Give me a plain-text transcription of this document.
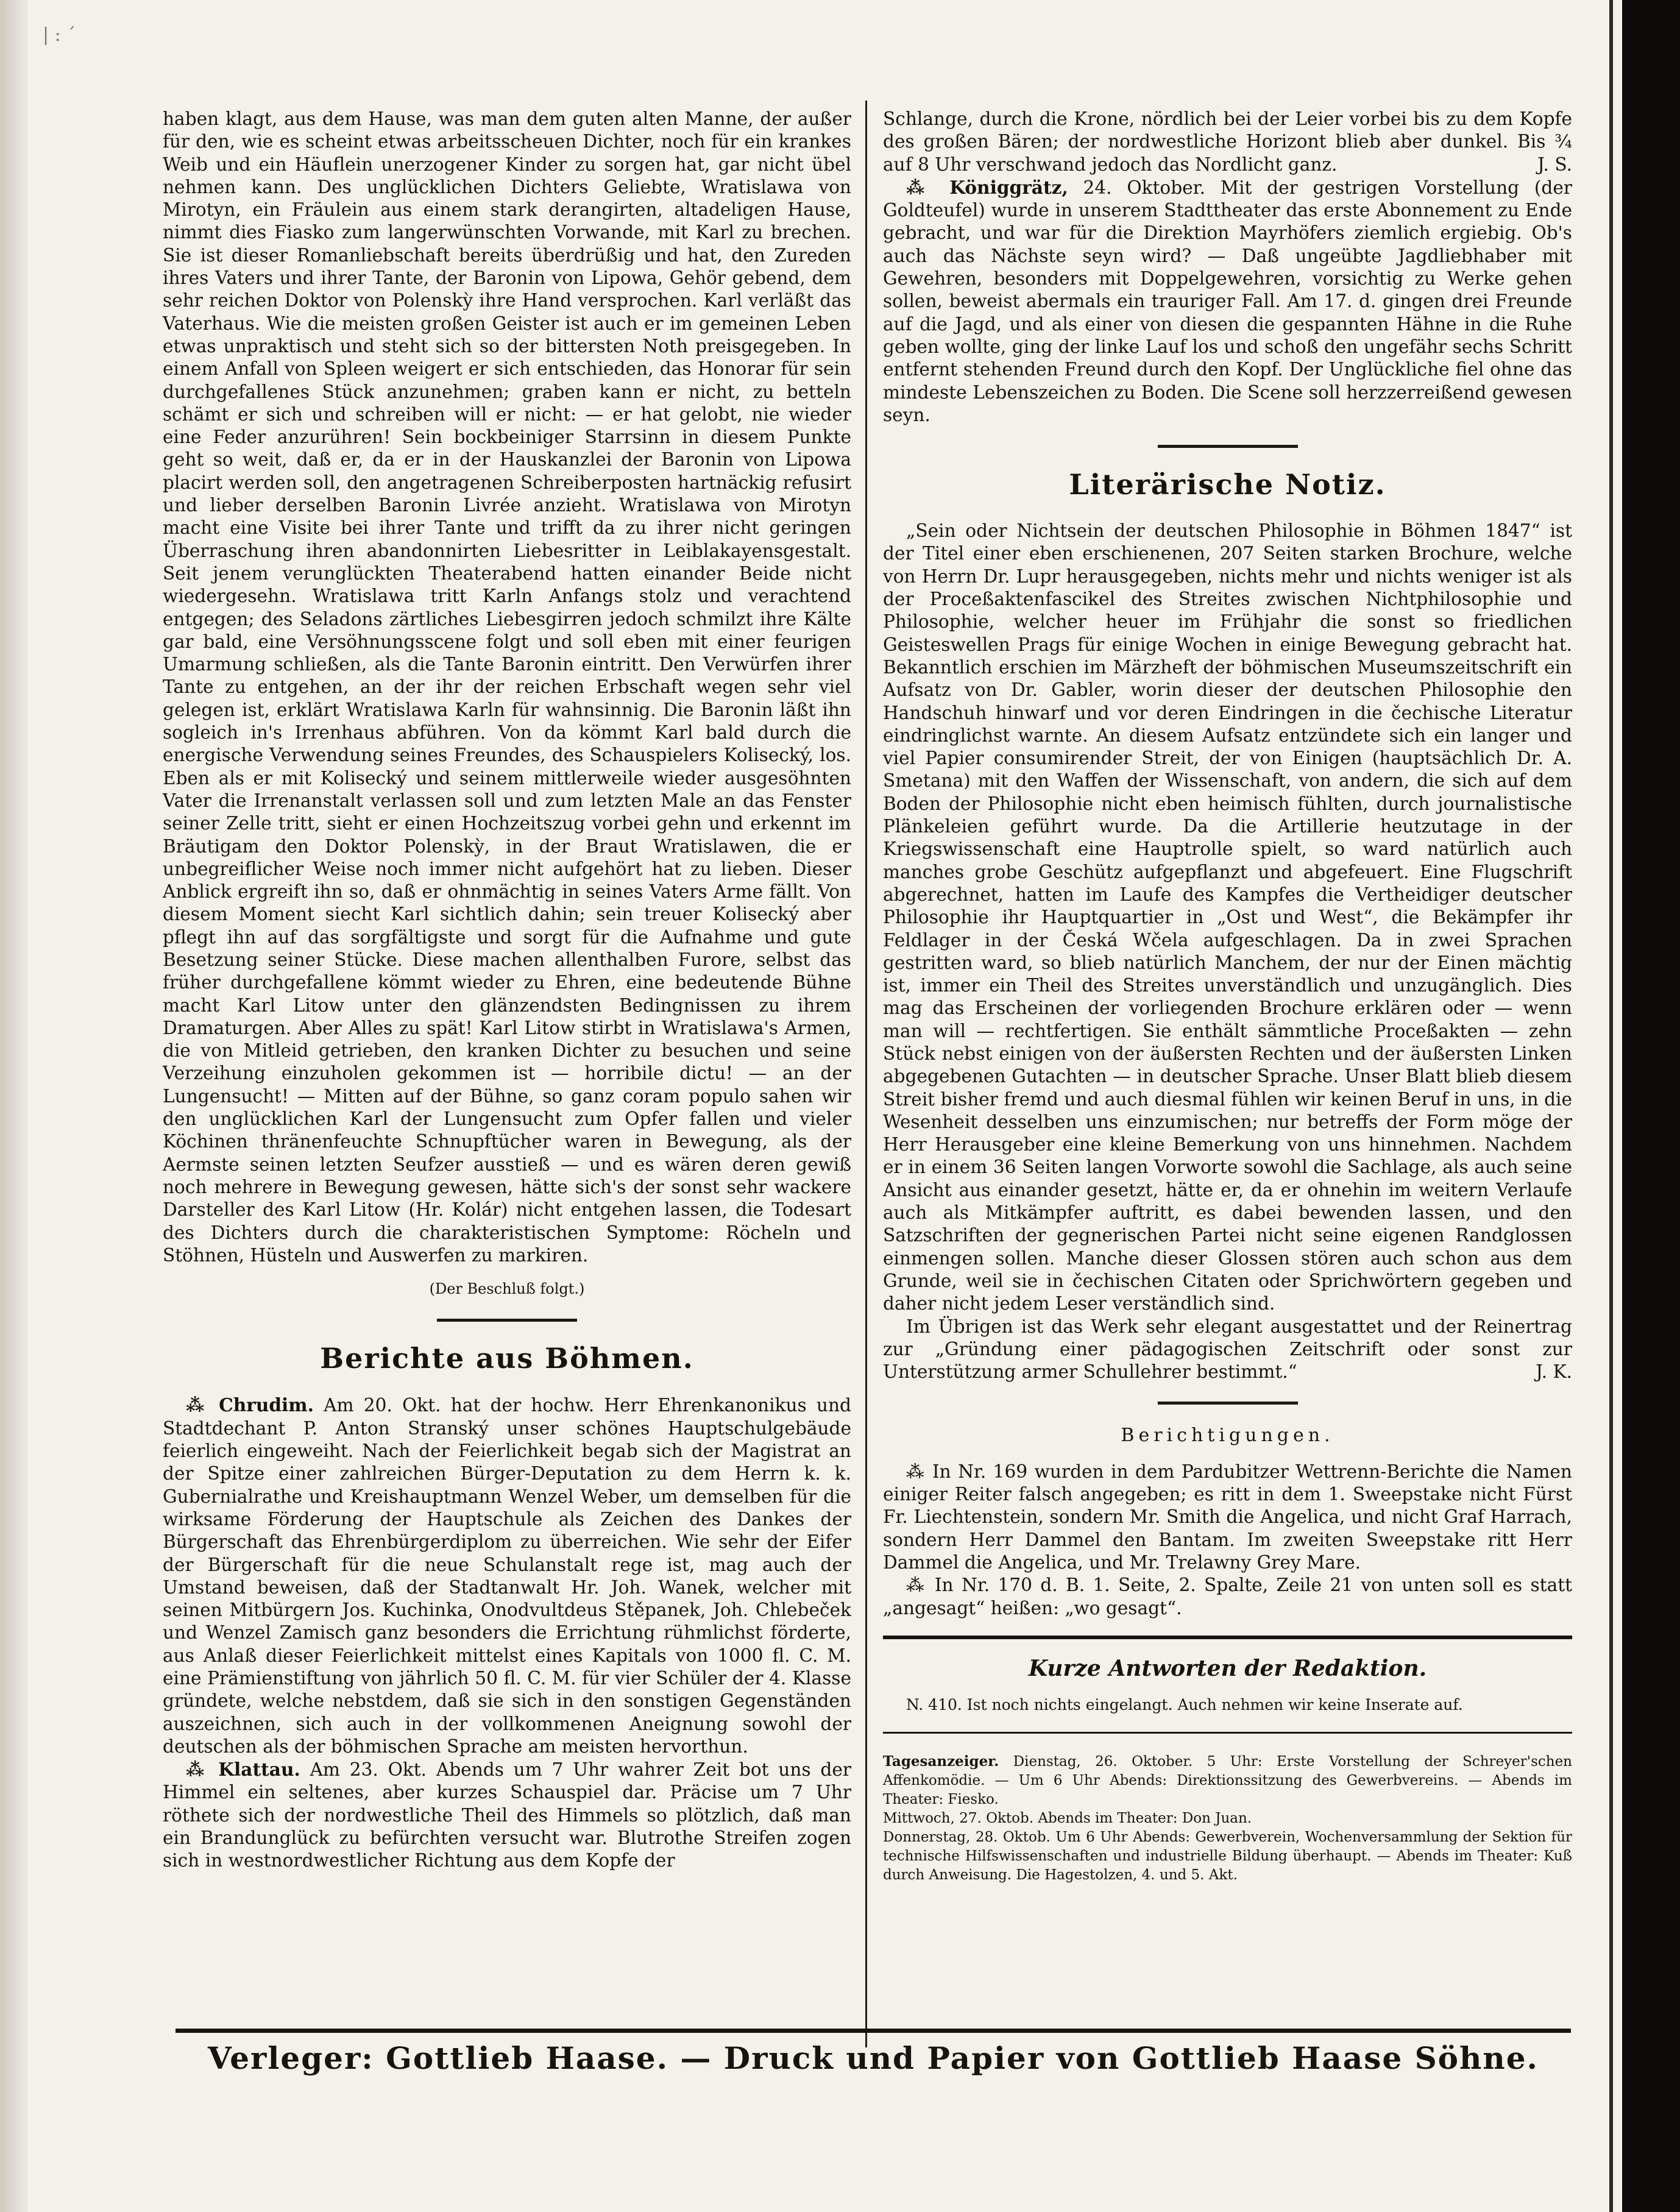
| : ´

haben klagt, aus dem Hause, was man dem guten alten Manne, der außer für den, wie es scheint etwas arbeitsscheuen Dichter, noch für ein krankes Weib und ein Häuflein unerzogener Kinder zu sorgen hat, gar nicht übel nehmen kann. Des unglücklichen Dichters Geliebte, Wratislawa von Mirotyn, ein Fräulein aus einem stark derangirten, altadeligen Hause, nimmt dies Fiasko zum langerwünschten Vorwande, mit Karl zu brechen. Sie ist dieser Romanliebschaft bereits überdrüßig und hat, den Zureden ihres Vaters und ihrer Tante, der Baronin von Lipowa, Gehör gebend, dem sehr reichen Doktor von Polenskỳ ihre Hand versprochen. Karl verläßt das Vaterhaus. Wie die meisten großen Geister ist auch er im gemeinen Leben etwas unpraktisch und steht sich so der bittersten Noth preisgegeben. In einem Anfall von Spleen weigert er sich entschieden, das Honorar für sein durchgefallenes Stück anzunehmen; graben kann er nicht, zu betteln schämt er sich und schreiben will er nicht: — er hat gelobt, nie wieder eine Feder anzurühren! Sein bockbeiniger Starrsinn in diesem Punkte geht so weit, daß er, da er in der Hauskanzlei der Baronin von Lipowa placirt werden soll, den angetragenen Schreiberposten hartnäckig refusirt und lieber derselben Baronin Livrée anzieht. Wratislawa von Mirotyn macht eine Visite bei ihrer Tante und trifft da zu ihrer nicht geringen Überraschung ihren abandonnirten Liebesritter in Leiblakayensgestalt. Seit jenem verunglückten Theaterabend hatten einander Beide nicht wiedergesehn. Wratislawa tritt Karln Anfangs stolz und verachtend entgegen; des Seladons zärtliches Liebesgirren jedoch schmilzt ihre Kälte gar bald, eine Versöhnungsscene folgt und soll eben mit einer feurigen Umarmung schließen, als die Tante Baronin eintritt. Den Verwürfen ihrer Tante zu entgehen, an der ihr der reichen Erbschaft wegen sehr viel gelegen ist, erklärt Wratislawa Karln für wahnsinnig. Die Baronin läßt ihn sogleich in's Irrenhaus abführen. Von da kömmt Karl bald durch die energische Verwendung seines Freundes, des Schauspielers Kolisecký, los. Eben als er mit Kolisecký und seinem mittlerweile wieder ausgesöhnten Vater die Irrenanstalt verlassen soll und zum letzten Male an das Fenster seiner Zelle tritt, sieht er einen Hochzeitszug vorbei gehn und erkennt im Bräutigam den Doktor Polenskỳ, in der Braut Wratislawen, die er unbegreiflicher Weise noch immer nicht aufgehört hat zu lieben. Dieser Anblick ergreift ihn so, daß er ohnmächtig in seines Vaters Arme fällt. Von diesem Moment siecht Karl sichtlich dahin; sein treuer Kolisecký aber pflegt ihn auf das sorgfältigste und sorgt für die Aufnahme und gute Besetzung seiner Stücke. Diese machen allenthalben Furore, selbst das früher durchgefallene kömmt wieder zu Ehren, eine bedeutende Bühne macht Karl Litow unter den glänzendsten Bedingnissen zu ihrem Dramaturgen. Aber Alles zu spät! Karl Litow stirbt in Wratislawa's Armen, die von Mitleid getrieben, den kranken Dichter zu besuchen und seine Verzeihung einzuholen gekommen ist — horribile dictu! — an der Lungensucht! — Mitten auf der Bühne, so ganz coram populo sahen wir den unglücklichen Karl der Lungensucht zum Opfer fallen und vieler Köchinen thränenfeuchte Schnupftücher waren in Bewegung, als der Aermste seinen letzten Seufzer ausstieß — und es wären deren gewiß noch mehrere in Bewegung gewesen, hätte sich's der sonst sehr wackere Darsteller des Karl Litow (Hr. Kolár) nicht entgehen lassen, die Todesart des Dichters durch die charakteristischen Symptome: Röcheln und Stöhnen, Hüsteln und Auswerfen zu markiren.

(Der Beschluß folgt.)
Berichte aus Böhmen.

⁂ Chrudim. Am 20. Okt. hat der hochw. Herr Ehrenkanonikus und Stadtdechant P. Anton Stranský unser schönes Hauptschulgebäude feierlich eingeweiht. Nach der Feierlichkeit begab sich der Magistrat an der Spitze einer zahlreichen Bürger-Deputation zu dem Herrn k. k. Gubernialrathe und Kreishauptmann Wenzel Weber, um demselben für die wirksame Förderung der Hauptschule als Zeichen des Dankes der Bürgerschaft das Ehrenbürgerdiplom zu überreichen. Wie sehr der Eifer der Bürgerschaft für die neue Schulanstalt rege ist, mag auch der Umstand beweisen, daß der Stadtanwalt Hr. Joh. Wanek, welcher mit seinen Mitbürgern Jos. Kuchinka, Onodvultdeus Stěpanek, Joh. Chlebeček und Wenzel Zamisch ganz besonders die Errichtung rühmlichst förderte, aus Anlaß dieser Feierlichkeit mittelst eines Kapitals von 1000 fl. C. M. eine Prämienstiftung von jährlich 50 fl. C. M. für vier Schüler der 4. Klasse gründete, welche nebstdem, daß sie sich in den sonstigen Gegenständen auszeichnen, sich auch in der vollkommenen Aneignung sowohl der deutschen als der böhmischen Sprache am meisten hervorthun.

⁂ Klattau. Am 23. Okt. Abends um 7 Uhr wahrer Zeit bot uns der Himmel ein seltenes, aber kurzes Schauspiel dar. Präcise um 7 Uhr röthete sich der nordwestliche Theil des Himmels so plötzlich, daß man ein Brandunglück zu befürchten versucht war. Blutrothe Streifen zogen sich in westnordwestlicher Richtung aus dem Kopfe der

Schlange, durch die Krone, nördlich bei der Leier vorbei bis zu dem Kopfe des großen Bären; der nordwestliche Horizont blieb aber dunkel. Bis ¾ auf 8 Uhr verschwand jedoch das Nordlicht ganz.	J. S.

⁂ Königgrätz, 24. Oktober. Mit der gestrigen Vorstellung (der Goldteufel) wurde in unserem Stadttheater das erste Abonnement zu Ende gebracht, und war für die Direktion Mayrhöfers ziemlich ergiebig. Ob's auch das Nächste seyn wird? — Daß ungeübte Jagdliebhaber mit Gewehren, besonders mit Doppelgewehren, vorsichtig zu Werke gehen sollen, beweist abermals ein trauriger Fall. Am 17. d. gingen drei Freunde auf die Jagd, und als einer von diesen die gespannten Hähne in die Ruhe geben wollte, ging der linke Lauf los und schoß den ungefähr sechs Schritt entfernt stehenden Freund durch den Kopf. Der Unglückliche fiel ohne das mindeste Lebenszeichen zu Boden. Die Scene soll herzzerreißend gewesen seyn.

Literärische Notiz.

„Sein oder Nichtsein der deutschen Philosophie in Böhmen 1847“ ist der Titel einer eben erschienenen, 207 Seiten starken Brochure, welche von Herrn Dr. Lupr herausgegeben, nichts mehr und nichts weniger ist als der Proceßaktenfascikel des Streites zwischen Nichtphilosophie und Philosophie, welcher heuer im Frühjahr die sonst so friedlichen Geisteswellen Prags für einige Wochen in einige Bewegung gebracht hat. Bekanntlich erschien im Märzheft der böhmischen Museumszeitschrift ein Aufsatz von Dr. Gabler, worin dieser der deutschen Philosophie den Handschuh hinwarf und vor deren Eindringen in die čechische Literatur eindringlichst warnte. An diesem Aufsatz entzündete sich ein langer und viel Papier consumirender Streit, der von Einigen (hauptsächlich Dr. A. Smetana) mit den Waffen der Wissenschaft, von andern, die sich auf dem Boden der Philosophie nicht eben heimisch fühlten, durch journalistische Plänkeleien geführt wurde. Da die Artillerie heutzutage in der Kriegswissenschaft eine Hauptrolle spielt, so ward natürlich auch manches grobe Geschütz aufgepflanzt und abgefeuert. Eine Flugschrift abgerechnet, hatten im Laufe des Kampfes die Vertheidiger deutscher Philosophie ihr Hauptquartier in „Ost und West“, die Bekämpfer ihr Feldlager in der Česká Wčela aufgeschlagen. Da in zwei Sprachen gestritten ward, so blieb natürlich Manchem, der nur der Einen mächtig ist, immer ein Theil des Streites unverständlich und unzugänglich. Dies mag das Erscheinen der vorliegenden Brochure erklären oder — wenn man will — rechtfertigen. Sie enthält sämmtliche Proceßakten — zehn Stück nebst einigen von der äußersten Rechten und der äußersten Linken abgegebenen Gutachten — in deutscher Sprache. Unser Blatt blieb diesem Streit bisher fremd und auch diesmal fühlen wir keinen Beruf in uns, in die Wesenheit desselben uns einzumischen; nur betreffs der Form möge der Herr Herausgeber eine kleine Bemerkung von uns hinnehmen. Nachdem er in einem 36 Seiten langen Vorworte sowohl die Sachlage, als auch seine Ansicht aus einander gesetzt, hätte er, da er ohnehin im weitern Verlaufe auch als Mitkämpfer auftritt, es dabei bewenden lassen, und den Satzschriften der gegnerischen Partei nicht seine eigenen Randglossen einmengen sollen. Manche dieser Glossen stören auch schon aus dem Grunde, weil sie in čechischen Citaten oder Sprichwörtern gegeben und daher nicht jedem Leser verständlich sind.

Im Übrigen ist das Werk sehr elegant ausgestattet und der Reinertrag zur „Gründung einer pädagogischen Zeitschrift oder sonst zur Unterstützung armer Schullehrer bestimmt.“	J. K.

Berichtigungen.

⁂ In Nr. 169 wurden in dem Pardubitzer Wettrenn-Berichte die Namen einiger Reiter falsch angegeben; es ritt in dem 1. Sweepstake nicht Fürst Fr. Liechtenstein, sondern Mr. Smith die Angelica, und nicht Graf Harrach, sondern Herr Dammel den Bantam. Im zweiten Sweepstake ritt Herr Dammel die Angelica, und Mr. Trelawny Grey Mare.

⁂ In Nr. 170 d. B. 1. Seite, 2. Spalte, Zeile 21 von unten soll es statt „angesagt“ heißen: „wo gesagt“.

Kurze Antworten der Redaktion.

N. 410. Ist noch nichts eingelangt. Auch nehmen wir keine Inserate auf.

Tagesanzeiger. Dienstag, 26. Oktober. 5 Uhr: Erste Vorstellung der Schreyer'schen Affenkomödie. — Um 6 Uhr Abends: Direktionssitzung des Gewerbvereins. — Abends im Theater: Fiesko.

Mittwoch, 27. Oktob. Abends im Theater: Don Juan.

Donnerstag, 28. Oktob. Um 6 Uhr Abends: Gewerbverein, Wochenversammlung der Sektion für technische Hilfswissenschaften und industrielle Bildung überhaupt. — Abends im Theater: Kuß durch Anweisung. Die Hagestolzen, 4. und 5. Akt.

Verleger: Gottlieb Haase. — Druck und Papier von Gottlieb Haase Söhne.
